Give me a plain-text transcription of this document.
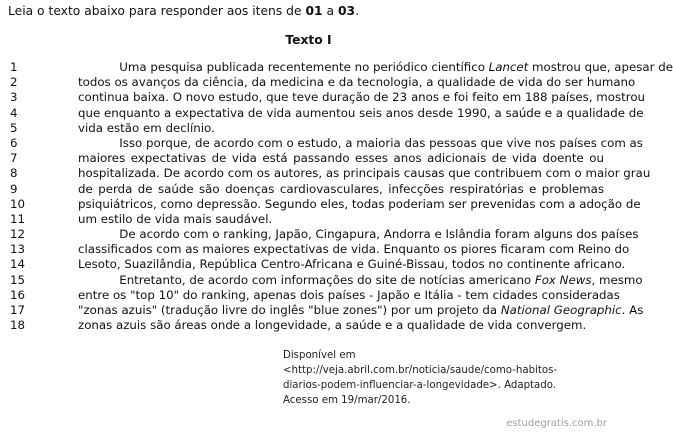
Leia o texto abaixo para responder aos itens de 01 a 03.
Texto I
1	Uma pesquisa publicada recentemente no periódico científico Lancet mostrou que, apesar de
2	todos os avanços da ciência, da medicina e da tecnologia, a qualidade de vida do ser humano
3	continua baixa. O novo estudo, que teve duração de 23 anos e foi feito em 188 países, mostrou
4	que enquanto a expectativa de vida aumentou seis anos desde 1990, a saúde e a qualidade de
5	vida estão em declínio.
6	Isso porque, de acordo com o estudo, a maioria das pessoas que vive nos países com as
7	maiores expectativas de vida está passando esses anos adicionais de vida doente ou
8	hospitalizada. De acordo com os autores, as principais causas que contribuem com o maior grau
9	de perda de saúde são doenças cardiovasculares, infecções respiratórias e problemas
10	psiquiátricos, como depressão. Segundo eles, todas poderiam ser prevenidas com a adoção de
11	um estilo de vida mais saudável.
12	De acordo com o ranking, Japão, Cingapura, Andorra e Islândia foram alguns dos países
13	classificados com as maiores expectativas de vida. Enquanto os piores ficaram com Reino do
14	Lesoto, Suazilândia, República Centro-Africana e Guiné-Bissau, todos no continente africano.
15	Entretanto, de acordo com informações do site de notícias americano Fox News, mesmo
16	entre os "top 10" do ranking, apenas dois países - Japão e Itália - tem cidades consideradas
17	"zonas azuis" (tradução livre do inglês "blue zones") por um projeto da National Geographic. As
18	zonas azuis são áreas onde a longevidade, a saúde e a qualidade de vida convergem.
Disponível em
<http://veja.abril.com.br/noticia/saude/como-habitos-
diarios-podem-influenciar-a-longevidade>. Adaptado.
Acesso em 19/mar/2016.
estudegratis.com.br
